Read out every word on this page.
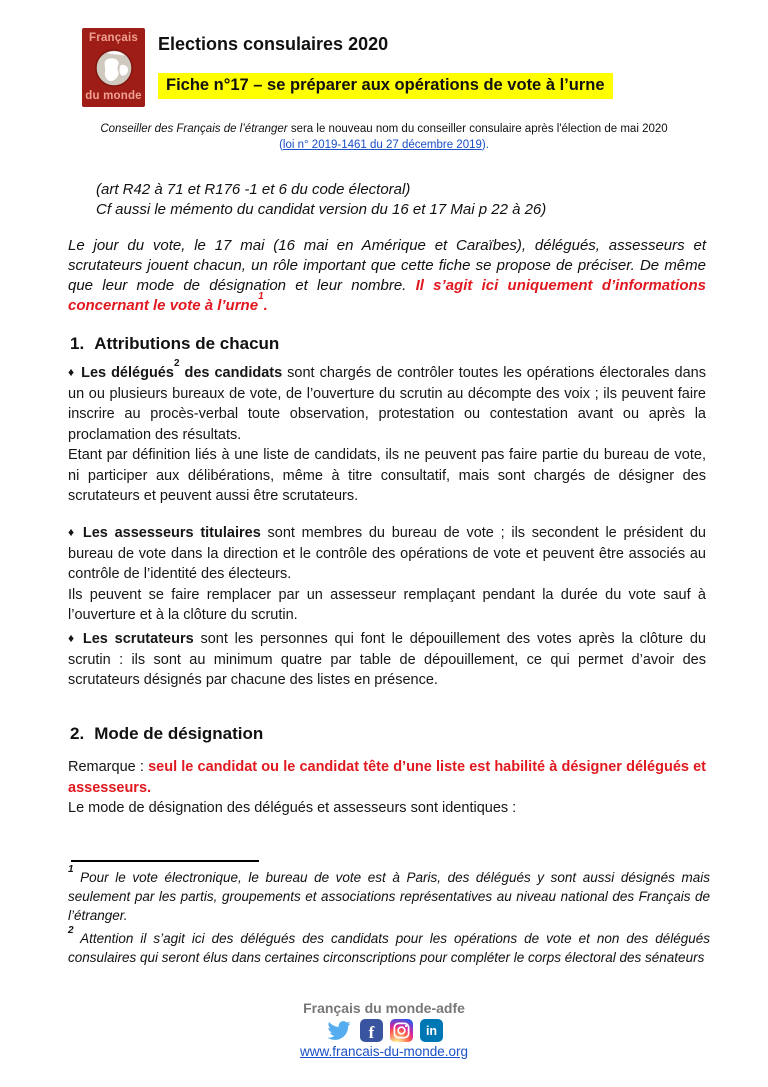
Français
du monde
Elections consulaires 2020
Fiche n°17 – se préparer aux opérations de vote à l’urne
Conseiller des Français de l’étranger sera le nouveau nom du conseiller consulaire après l'élection de mai 2020
(loi n° 2019-1461 du 27 décembre 2019).
(art R42 à 71 et R176 -1 et 6 du code électoral)
Cf aussi le mémento du candidat version du 16 et 17 Mai p 22 à 26)
Le jour du vote, le 17 mai (16 mai en Amérique et Caraïbes), délégués, assesseurs et scrutateurs jouent chacun, un rôle important que cette fiche se propose de préciser. De même que leur mode de désignation et leur nombre. Il s’agit ici uniquement d’informations concernant le vote à l’urne$^1$.
1. Attributions de chacun

♦ Les délégués$^2$ des candidats sont chargés de contrôler toutes les opérations électorales dans un ou plusieurs bureaux de vote, de l’ouverture du scrutin au décompte des voix ; ils peuvent faire inscrire au procès-verbal toute observation, protestation ou contestation avant ou après la proclamation des résultats.

Etant par définition liés à une liste de candidats, ils ne peuvent pas faire partie du bureau de vote, ni participer aux délibérations, même à titre consultatif, mais sont chargés de désigner des scrutateurs et peuvent aussi être scrutateurs.

♦ Les assesseurs titulaires sont membres du bureau de vote ; ils secondent le président du bureau de vote dans la direction et le contrôle des opérations de vote et peuvent être associés au contrôle de l’identité des électeurs.

Ils peuvent se faire remplacer par un assesseur remplaçant pendant la durée du vote sauf à l’ouverture et à la clôture du scrutin.

♦ Les scrutateurs sont les personnes qui font le dépouillement des votes après la clôture du scrutin : ils sont au minimum quatre par table de dépouillement, ce qui permet d’avoir des scrutateurs désignés par chacune des listes en présence.

2. Mode de désignation

Remarque : seul le candidat ou le candidat tête d’une liste est habilité à désigner délégués et assesseurs.

Le mode de désignation des délégués et assesseurs sont identiques :

$^1$ Pour le vote électronique, le bureau de vote est à Paris, des délégués y sont aussi désignés mais seulement par les partis, groupements et associations représentatives au niveau national des Français de l’étranger.

$^2$ Attention il s’agit ici des délégués des candidats pour les opérations de vote et non des délégués consulaires qui seront élus dans certaines circonscriptions pour compléter le corps électoral des sénateurs

Français du monde-adfe
f	in
www.francais-du-monde.org
